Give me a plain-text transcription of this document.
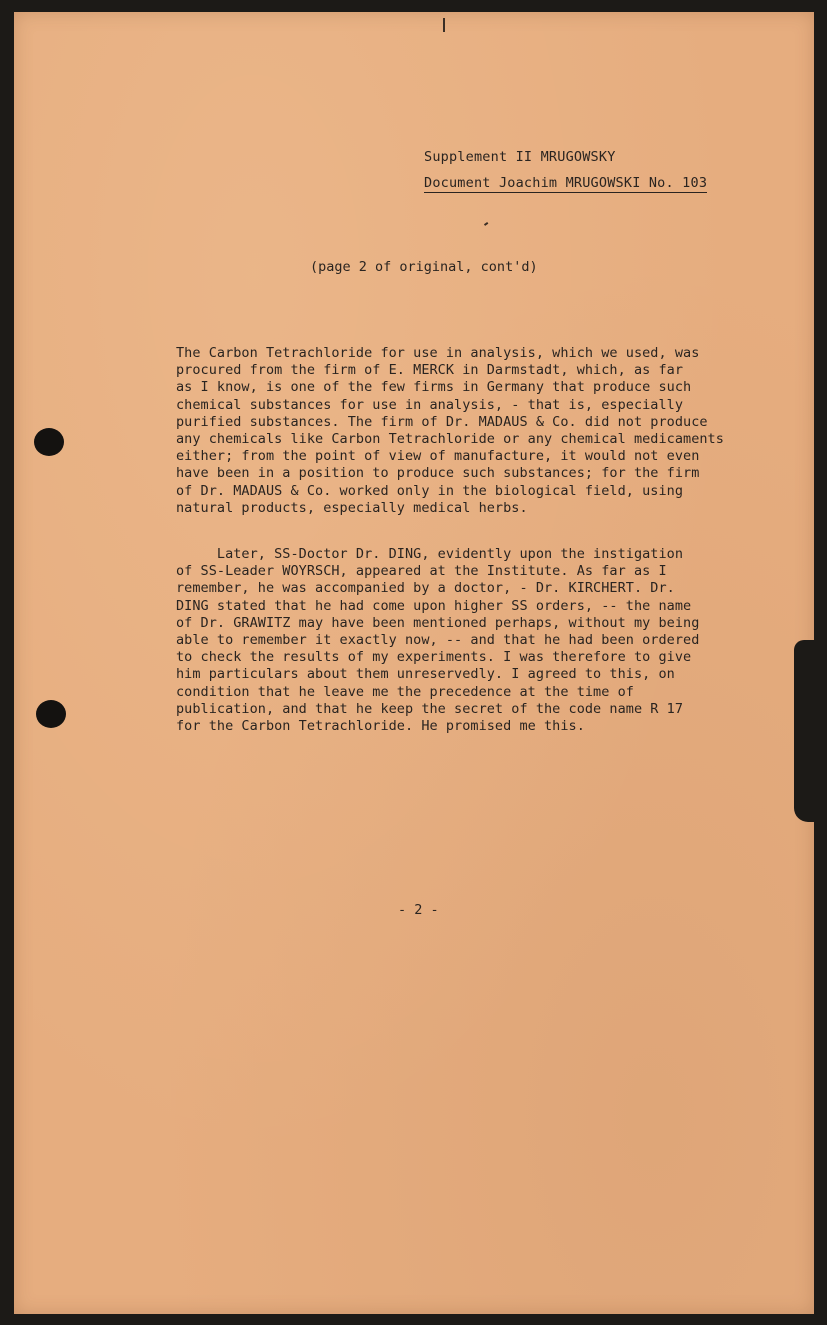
Supplement II MRUGOWSKY
Document Joachim MRUGOWSKI No. 103
(page 2 of original, cont'd)

The Carbon Tetrachloride for use in analysis, which we used, was
procured from the firm of E. MERCK in Darmstadt, which, as far
as I know, is one of the few firms in Germany that produce such
chemical substances for use in analysis, - that is, especially
purified substances. The firm of Dr. MADAUS & Co. did not produce
any chemicals like Carbon Tetrachloride or any chemical medicaments
either; from the point of view of manufacture, it would not even
have been in a position to produce such substances; for the firm
of Dr. MADAUS & Co. worked only in the biological field, using
natural products, especially medical herbs.

Later, SS-Doctor Dr. DING, evidently upon the instigation
of SS-Leader WOYRSCH, appeared at the Institute. As far as I
remember, he was accompanied by a doctor, - Dr. KIRCHERT. Dr.
DING stated that he had come upon higher SS orders, -- the name
of Dr. GRAWITZ may have been mentioned perhaps, without my being
able to remember it exactly now, -- and that he had been ordered
to check the results of my experiments. I was therefore to give
him particulars about them unreservedly. I agreed to this, on
condition that he leave me the precedence at the time of
publication, and that he keep the secret of the code name R 17
for the Carbon Tetrachloride. He promised me this.

- 2 -
